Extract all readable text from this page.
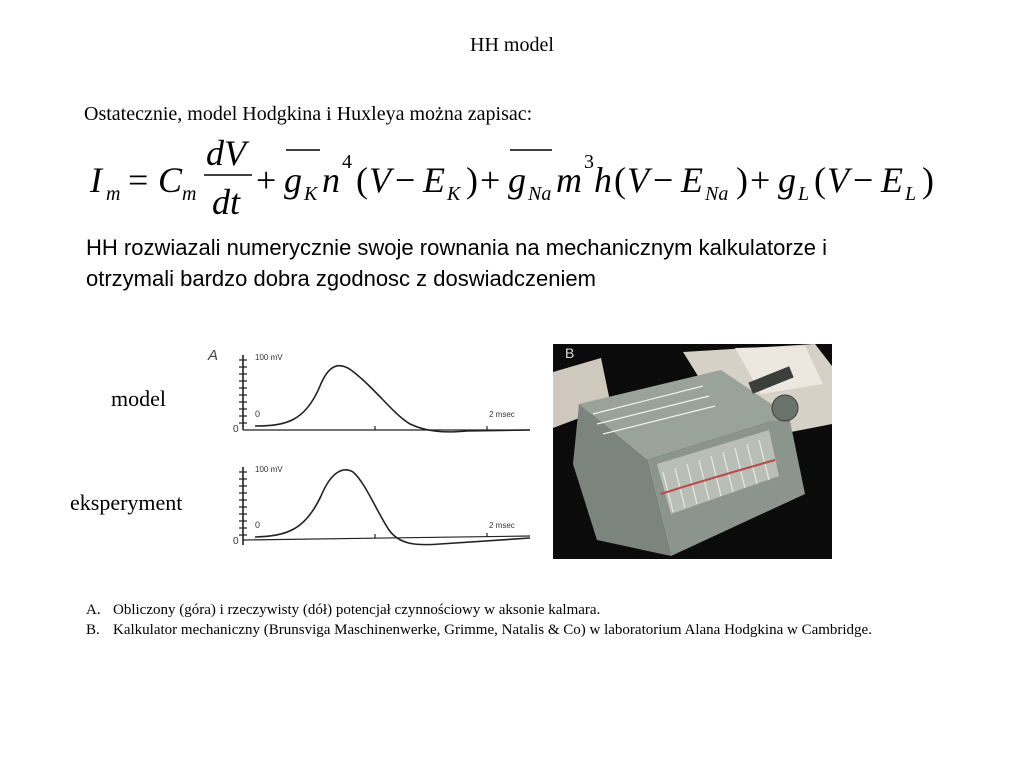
HH model
Ostatecznie, model Hodgkina i Huxleya można zapisac:
I m = C m
dV
dt
+ g K n 4 ( V − E K ) + g Na m 3 h ( V − E Na ) + g L ( V − E L )
HH rozwiazali numerycznie swoje rownania na mechanicznym kalkulatorze i otrzymali bardzo dobra zgodnosc z doswiadczeniem
model
eksperyment
A	100 mV
0
0
2 msec
100 mV
0
0
2 msec
B
A. Obliczony (góra) i rzeczywisty (dół) potencjał czynnościowy w aksonie kalmara.
B. Kalkulator mechaniczny (Brunsviga Maschinenwerke, Grimme, Natalis & Co) w laboratorium Alana Hodgkina w Cambridge.
